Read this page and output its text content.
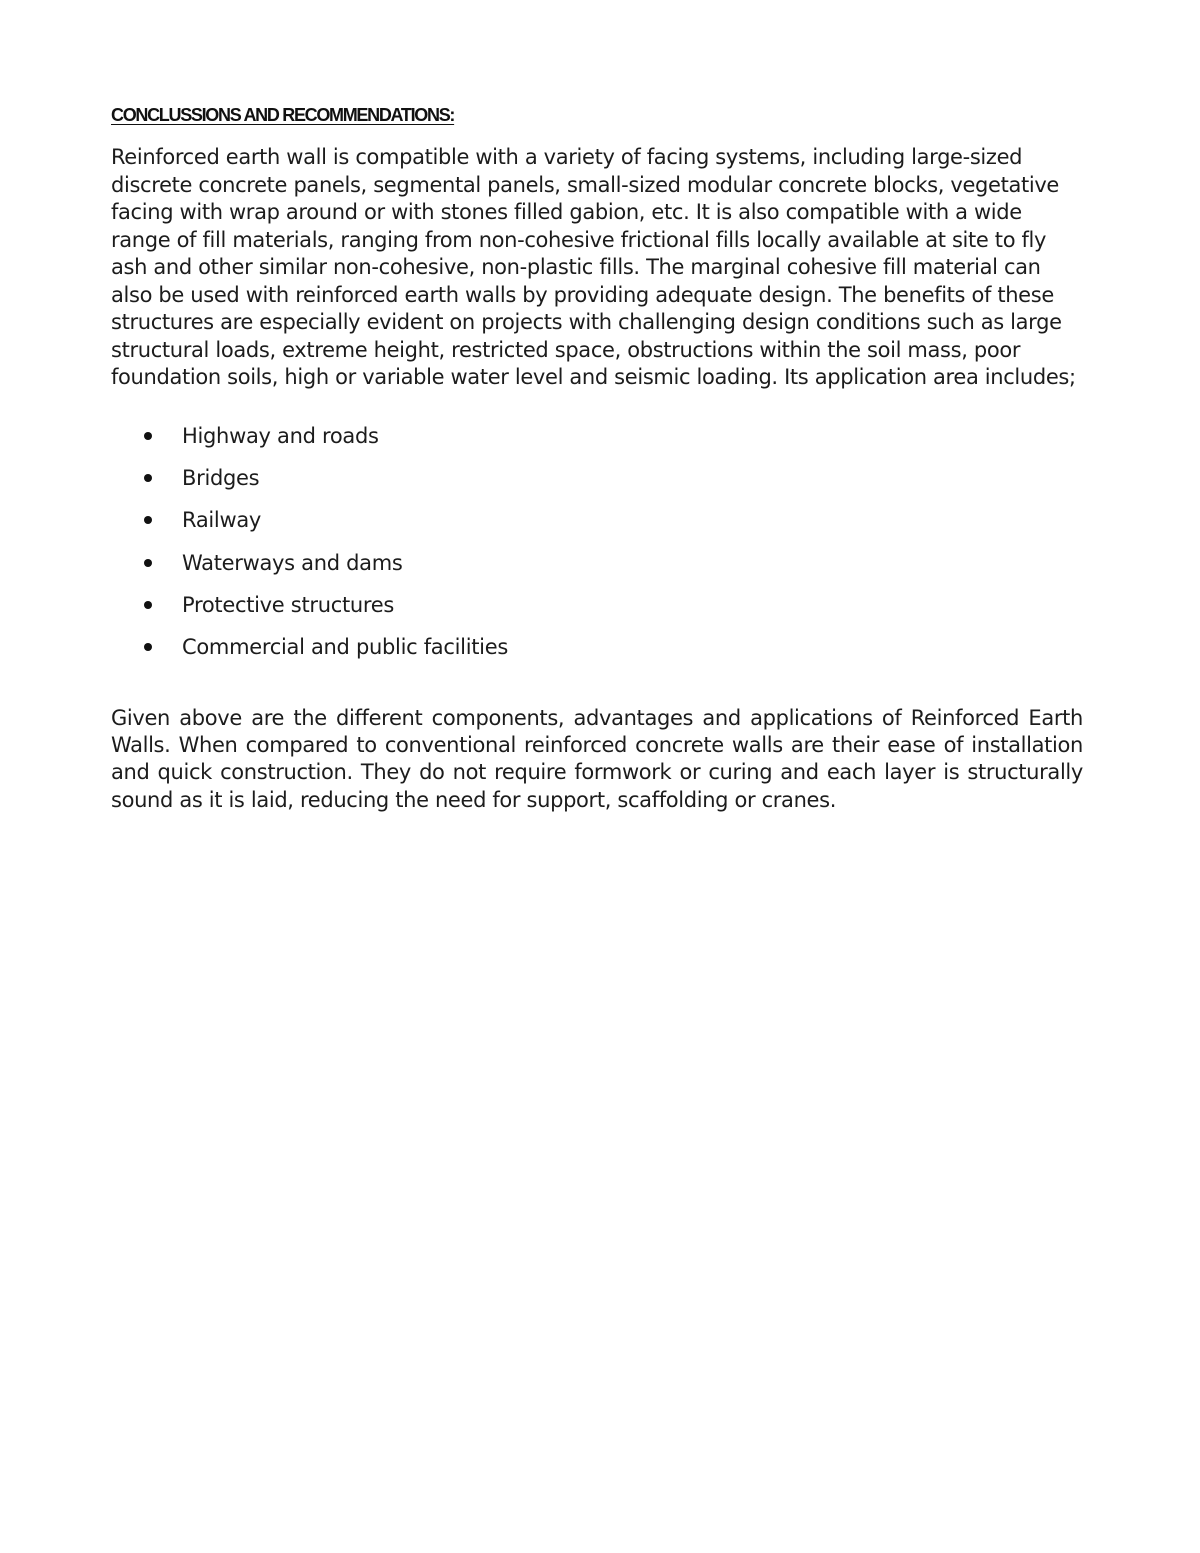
CONCLUSSIONS AND RECOMMENDATIONS:

Reinforced earth wall is compatible with a variety of facing systems, including large-sized discrete concrete panels, segmental panels, small-sized modular concrete blocks, vegetative facing with wrap around or with stones filled gabion, etc. It is also compatible with a wide range of fill materials, ranging from non-cohesive frictional fills locally available at site to fly ash and other similar non-cohesive, non-plastic fills. The marginal cohesive fill material can also be used with reinforced earth walls by providing adequate design. The benefits of these structures are especially evident on projects with challenging design conditions such as large structural loads, extreme height, restricted space, obstructions within the soil mass, poor foundation soils, high or variable water level and seismic loading. Its application area includes;

Highway and roads
Bridges
Railway
Waterways and dams
Protective structures
Commercial and public facilities

Given above are the different components, advantages and applications of Reinforced Earth Walls. When compared to conventional reinforced concrete walls are their ease of installation and quick construction. They do not require formwork or curing and each layer is structurally sound as it is laid, reducing the need for support, scaffolding or cranes.
